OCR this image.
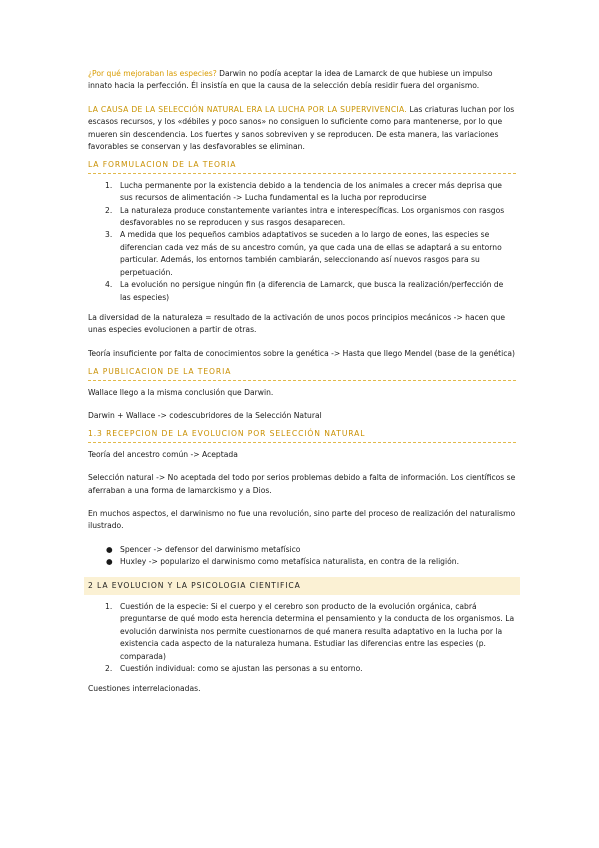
¿Por qué mejoraban las especies? Darwin no podía aceptar la idea de Lamarck de que hubiese un impulso innato hacia la perfección. Él insistía en que la causa de la selección debía residir fuera del organismo.

LA CAUSA DE LA SELECCIÓN NATURAL ERA LA LUCHA POR LA SUPERVIVENCIA. Las criaturas luchan por los escasos recursos, y los «débiles y poco sanos» no consiguen lo suficiente como para mantenerse, por lo que mueren sin descendencia. Los fuertes y sanos sobreviven y se reproducen. De esta manera, las variaciones favorables se conservan y las desfavorables se eliminan.

LA FORMULACION DE LA TEORIA
1. Lucha permanente por la existencia debido a la tendencia de los animales a crecer más deprisa que sus recursos de alimentación -> Lucha fundamental es la lucha por reproducirse
2. La naturaleza produce constantemente variantes intra e interespecíficas. Los organismos con rasgos desfavorables no se reproducen y sus rasgos desaparecen.
3. A medida que los pequeños cambios adaptativos se suceden a lo largo de eones, las especies se diferencian cada vez más de su ancestro común, ya que cada una de ellas se adaptará a su entorno particular. Además, los entornos también cambiarán, seleccionando así nuevos rasgos para su perpetuación.
4. La evolución no persigue ningún fin (a diferencia de Lamarck, que busca la realización/perfección de las especies)

La diversidad de la naturaleza = resultado de la activación de unos pocos principios mecánicos -> hacen que unas especies evolucionen a partir de otras.

Teoría insuficiente por falta de conocimientos sobre la genética -> Hasta que llego Mendel (base de la genética)

LA PUBLICACION DE LA TEORIA

Wallace llego a la misma conclusión que Darwin.

Darwin + Wallace -> codescubridores de la Selección Natural

1.3 RECEPCION DE LA EVOLUCION POR SELECCIÓN NATURAL

Teoría del ancestro común -> Aceptada

Selección natural -> No aceptada del todo por serios problemas debido a falta de información. Los científicos se aferraban a una forma de lamarckismo y a Dios.

En muchos aspectos, el darwinismo no fue una revolución, sino parte del proceso de realización del naturalismo ilustrado.

● Spencer -> defensor del darwinismo metafísico
● Huxley -> popularizo el darwinismo como metafísica naturalista, en contra de la religión.
2 LA EVOLUCION Y LA PSICOLOGIA CIENTIFICA
1. Cuestión de la especie: Si el cuerpo y el cerebro son producto de la evolución orgánica, cabrá preguntarse de qué modo esta herencia determina el pensamiento y la conducta de los organismos. La evolución darwinista nos permite cuestionarnos de qué manera resulta adaptativo en la lucha por la existencia cada aspecto de la naturaleza humana. Estudiar las diferencias entre las especies (p. comparada)
2. Cuestión individual: como se ajustan las personas a su entorno.

Cuestiones interrelacionadas.
